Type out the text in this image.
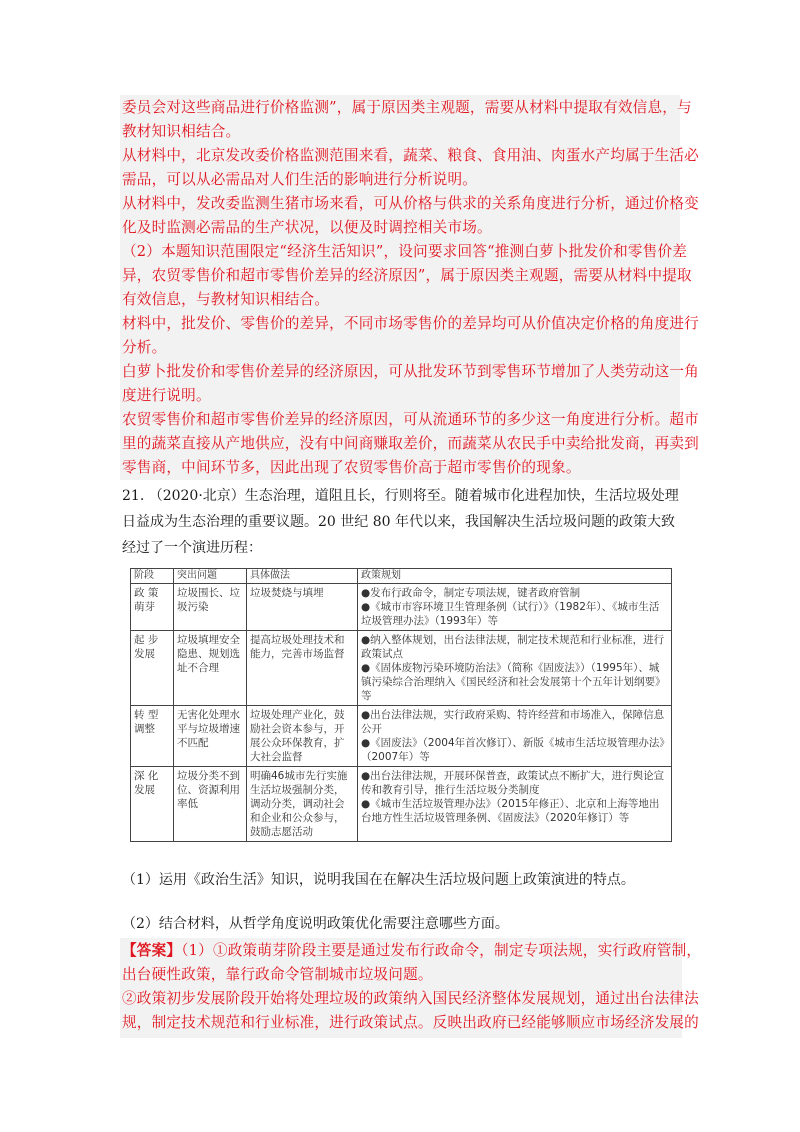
委员会对这些商品进行价格监测”，属于原因类主观题，需要从材料中提取有效信息，与
教材知识相结合。
从材料中，北京发改委价格监测范围来看，蔬菜、粮食、食用油、肉蛋水产均属于生活必
需品，可以从必需品对人们生活的影响进行分析说明。
从材料中，发改委监测生猪市场来看，可从价格与供求的关系角度进行分析，通过价格变
化及时监测必需品的生产状况，以便及时调控相关市场。
（2）本题知识范围限定“经济生活知识”，设问要求回答“推测白萝卜批发价和零售价差
异，农贸零售价和超市零售价差异的经济原因”，属于原因类主观题，需要从材料中提取
有效信息，与教材知识相结合。
材料中，批发价、零售价的差异，不同市场零售价的差异均可从价值决定价格的角度进行
分析。
白萝卜批发价和零售价差异的经济原因，可从批发环节到零售环节增加了人类劳动这一角
度进行说明。
农贸零售价和超市零售价差异的经济原因，可从流通环节的多少这一角度进行分析。超市
里的蔬菜直接从产地供应，没有中间商赚取差价，而蔬菜从农民手中卖给批发商，再卖到
零售商，中间环节多，因此出现了农贸零售价高于超市零售价的现象。
21. （2020·北京）生态治理，道阻且长，行则将至。随着城市化进程加快，生活垃圾处理
日益成为生态治理的重要议题。20 世纪 80 年代以来，我国解决生活垃圾问题的政策大致
经过了一个演进历程：
阶段	突出问题	具体做法	政策规划
政 策 萌芽	垃圾围长、垃圾污染	垃圾焚烧与填埋	●发布行政命令，制定专项法规，键者政府管制
●《城市市容环境卫生管理条例（试行）》（1982年）、《城市生活垃圾管理办法》（1993年）等
起 步 发展	垃圾填埋安全隐患、规划选址不合理	提高垃圾处理技术和能力，完善市场监督	●纳入整体规划，出台法律法规，制定技术规范和行业标准，进行政策试点
●《固体废物污染环境防治法》（简称《固废法》）（1995年）、城镇污染综合治理纳入《国民经济和社会发展第十个五年计划纲要》等
转 型 调整	无害化处理水平与垃圾增速不匹配	垃圾处理产业化，鼓励社会资本参与，开展公众环保教育，扩大社会监督	●出台法律法规，实行政府采购、特许经营和市场准入，保障信息公开
●《固废法》（2004年首次修订）、新版《城市生活垃圾管理办法》（2007年）等
深 化 发展	垃圾分类不到位、资源利用率低	明确46城市先行实施生活垃圾强制分类，调动分类，调动社会和企业和公众参与，鼓励志愿活动	●出台法律法规，开展环保普查，政策试点不断扩大，进行舆论宣传和教育引导，推行生活垃圾分类制度
●《城市生活垃圾管理办法》（2015年修正）、北京和上海等地出台地方性生活垃圾管理条例、《固废法》（2020年修订）等
（1）运用《政治生活》知识，说明我国在在解决生活垃圾问题上政策演进的特点。
（2）结合材料，从哲学角度说明政策优化需要注意哪些方面。
【答案】（1）①政策萌芽阶段主要是通过发布行政命令，制定专项法规，实行政府管制，
出台硬性政策，靠行政命令管制城市垃圾问题。
②政策初步发展阶段开始将处理垃圾的政策纳入国民经济整体发展规划，通过出台法律法
规，制定技术规范和行业标准，进行政策试点。反映出政府已经能够顺应市场经济发展的
